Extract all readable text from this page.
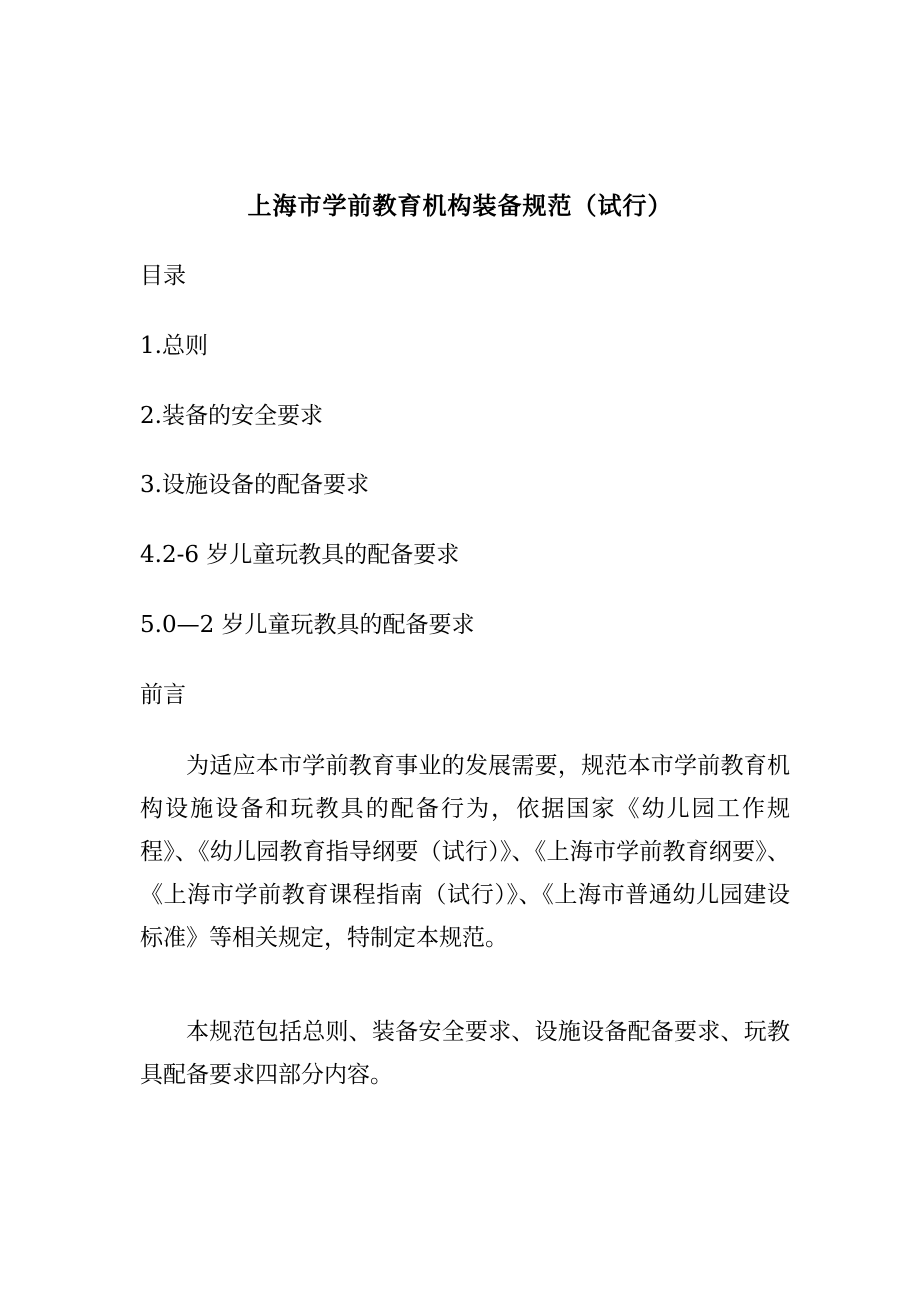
上海市学前教育机构装备规范（试行）
目录
1.总则
2.装备的安全要求
3.设施设备的配备要求
4.2-6 岁儿童玩教具的配备要求
5.0—2 岁儿童玩教具的配备要求
前言
为适应本市学前教育事业的发展需要，规范本市学前教育机构设施设备和玩教具的配备行为，依据国家《幼儿园工作规程》、《幼儿园教育指导纲要（试行）》、《上海市学前教育纲要》、《上海市学前教育课程指南（试行）》、《上海市普通幼儿园建设标准》等相关规定，特制定本规范。
本规范包括总则、装备安全要求、设施设备配备要求、玩教具配备要求四部分内容。
